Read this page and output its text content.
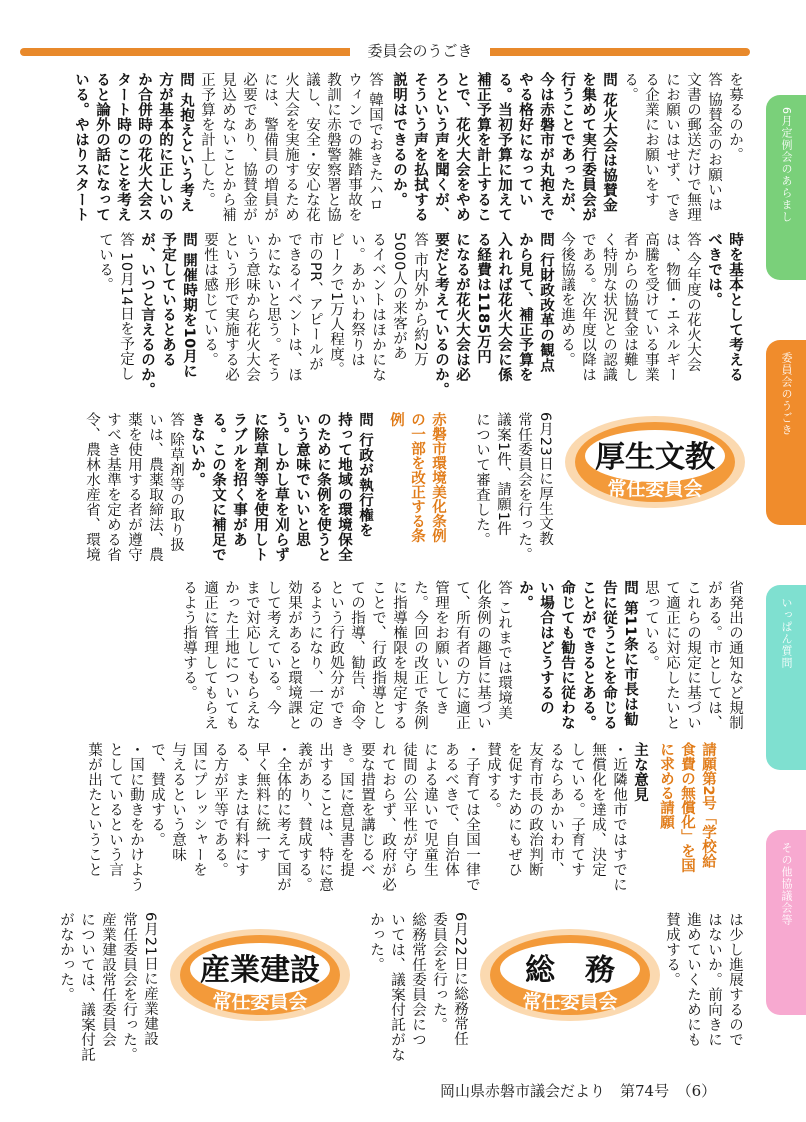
委員会のうごき
6月定例会のあらまし
委員会のうごき
いっぱん質問
その他協議会等

を募るのか。

答 協賛金のお願いは

文書の郵送だけで無理

にお願いはせず、でき

る企業にお願いをする。

問 花火大会は協賛金

を集めて実行委員会が

行うことであったが、

今は赤磐市が丸抱えで

やる格好になってい

る。当初予算に加えて

補正予算を計上するこ

とで、花火大会をやめ

ろという声を聞くが、

そういう声を払拭する

説明はできるのか。

答 韓国でおきたハロ

ウィンでの雑踏事故を

教訓に赤磐警察署と協

議し、安全・安心な花

火大会を実施するため

には、警備員の増員が

必要であり、協賛金が

見込めないことから補

正予算を計上した。

問 丸抱えという考え

方が基本的に正しいの

か合併時の花火大会ス

タート時のことを考え

ると論外の話になって

いる。やはりスタート

時を基本として考える

べきでは。

答 今年度の花火大会

は、物価・エネルギー

高騰を受けている事業

者からの協賛金は難し

く特別な状況との認識

である。次年度以降は

今後協議を進める。

問 行財政改革の観点

から見て、補正予算を

入れれば花火大会に係

る経費は1185万円

になるが花火大会は必

要だと考えているのか。

答 市内外から約2万

5000人の来客があ

るイベントはほかにな

い。あかいわ祭りは

ピークで1万人程度。

市のPR、アピールが

できるイベントは、ほ

かにないと思う。そう

いう意味から花火大会

という形で実施する必

要性は感じている。

問 開催時期を10月に

予定しているとある

が、いつと言えるのか。

答 10月14日を予定し

ている。

厚生文教
常任委員会

6月23日に厚生文教

常任委員会を行った。

議案1件、請願1件

について審査した。

赤磐市環境美化条例

の一部を改正する条

例

問 行政が執行権を

持って地域の環境保全

のために条例を使うと

いう意味でいいと思

う。しかし草を刈らず

に除草剤等を使用しト

ラブルを招く事があ

る。この条文に補足で

きないか。

答 除草剤等の取り扱

いは、農薬取締法、農

薬を使用する者が遵守

すべき基準を定める省

令、農林水産省、環境

省発出の通知など規制

がある。市としては、

これらの規定に基づい

て適正に対応したいと

思っている。

問 第11条に市長は勧

告に従うことを命じる

ことができるとある。

命じても勧告に従わな

い場合はどうするのか。

答 これまでは環境美

化条例の趣旨に基づい

て、所有者の方に適正

管理をお願いしてき

た。今回の改正で条例

に指導権限を規定する

ことで、行政指導とし

ての指導、勧告、命令

という行政処分ができ

るようになり、一定の

効果があると環境課と

して考えている。今

まで対応してもらえな

かった土地についても

適正に管理してもらえ

るよう指導する。

請願第2号「学校給

食費の無償化」を国

に求める請願

主な意見

・近隣他市ではすでに

無償化を達成、決定

している。子育てす

るならあかいわ市、

友育市長の政治判断

を促すためにもぜひ

賛成する。

・子育ては全国一律で

あるべきで、自治体

による違いで児童生

徒間の公平性が守ら

れておらず、政府が必

要な措置を講じるべ

き。国に意見書を提

出することは、特に意

義があり、賛成する。

・全体的に考えて国が

早く無料に統一す

る、または有料にす

る方が平等である。

国にプレッシャーを

与えるという意味

で、賛成する。

・国に動きをかけよう

としているという言

葉が出たということ

は少し進展するので

はないか。前向きに

進めていくためにも

賛成する。

総　務
常任委員会

6月22日に総務常任

委員会を行った。

総務常任委員会につ

いては、議案付託がな

かった。

産業建設
常任委員会

6月21日に産業建設

常任委員会を行った。

産業建設常任委員会

については、議案付託

がなかった。

岡山県赤磐市議会だより　第74号　（6）
